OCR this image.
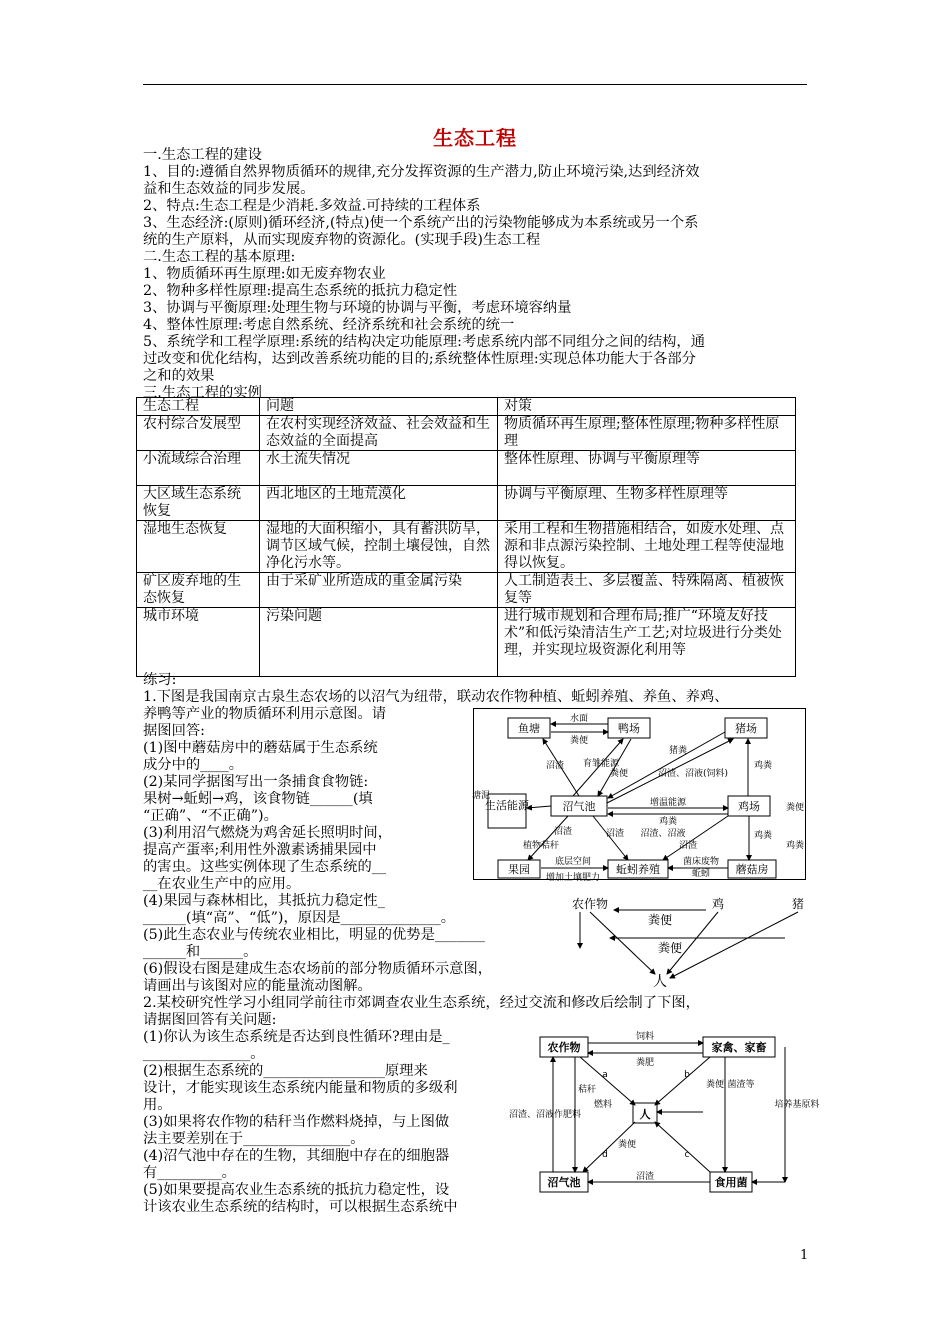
生态工程
一.生态工程的建设
1、目的:遵循自然界物质循环的规律,充分发挥资源的生产潜力,防止环境污染,达到经济效
益和生态效益的同步发展。
2、特点:生态工程是少消耗.多效益.可持续的工程体系
3、生态经济:(原则)循环经济,(特点)使一个系统产出的污染物能够成为本系统或另一个系
统的生产原料，从而实现废弃物的资源化。(实现手段)生态工程
二.生态工程的基本原理:
1、物质循环再生原理:如无废弃物农业
2、物种多样性原理:提高生态系统的抵抗力稳定性
3、协调与平衡原理:处理生物与环境的协调与平衡，考虑环境容纳量
4、整体性原理:考虑自然系统、经济系统和社会系统的统一
5、系统学和工程学原理:系统的结构决定功能原理:考虑系统内部不同组分之间的结构，通
过改变和优化结构，达到改善系统功能的目的;系统整体性原理:实现总体功能大于各部分
之和的效果
三.生态工程的实例
生态工程	问题	对策
农村综合发展型	在农村实现经济效益、社会效益和生态效益的全面提高	物质循环再生原理;整体性原理;物种多样性原理
小流域综合治理	水土流失情况	整体性原理、协调与平衡原理等
大区域生态系统恢复	西北地区的土地荒漠化	协调与平衡原理、生物多样性原理等
湿地生态恢复	湿地的大面积缩小，具有蓄洪防旱，调节区域气候，控制土壤侵蚀，自然净化污水等。	采用工程和生物措施相结合，如废水处理、点源和非点源污染控制、土地处理工程等使湿地得以恢复。
矿区废弃地的生态恢复	由于采矿业所造成的重金属污染	人工制造表土、多层覆盖、特殊隔离、植被恢复等
城市环境	污染问题	进行城市规划和合理布局;推广“环境友好技术”和低污染清洁生产工艺;对垃圾进行分类处理，并实现垃圾资源化利用等
练习:
1.下图是我国南京古泉生态农场的以沼气为纽带，联动农作物种植、蚯蚓养殖、养鱼、养鸡、
养鸭等产业的物质循环利用示意图。请
据图回答:
(1)图中蘑菇房中的蘑菇属于生态系统
成分中的____。
(2)某同学据图写出一条捕食食物链:
果树→蚯蚓→鸡，该食物链______(填
“正确”、“不正确”)。
(3)利用沼气燃烧为鸡舍延长照明时间，
提高产蛋率;利用性外激素诱捕果园中
的害虫。这些实例体现了生态系统的__
__在农业生产中的应用。
(4)果园与森林相比，其抵抗力稳定性_
______(填“高”、“低”)，原因是______________。
(5)此生态农业与传统农业相比，明显的优势是_______
______和______。
(6)假设右图是建成生态农场前的部分物质循环示意图，
请画出与该图对应的能量流动图解。
2.某校研究性学习小组同学前往市郊调查农业生态系统，经过交流和修改后绘制了下图，
请据图回答有关问题:
(1)你认为该生态系统是否达到良性循环?理由是_
_______________。
(2)根据生态系统的_________________原理来
设计，才能实现该生态系统内能量和物质的多级利
用。
(3)如果将农作物的秸秆当作燃料烧掉，与上图做
法主要差别在于_______________。
(4)沼气池中存在的生物，其细胞中存在的细胞器
有_________。
(5)如果要提高农业生态系统的抵抗力稳定性，设
计该农业生态系统的结构时，可以根据生态系统中
鱼塘	鸭场	猪场
生活能源	沼气池	鸡场
果园	蚯蚓养殖	蘑菇房
水面
粪便
沼渣 育雏能源
粪便
猪粪
沼渣、沼液(饲料)
鸡粪
塘泥
增温能源
鸡粪
粪便
沼渣、沼液	鸡粪
沼渣
沼渣
植物秸秆	沼渣
底层空间
增加土壤肥力
菌床废物
蚯蚓
鸡粪
农作物	鸡	猪
人
粪便
粪便
农作物	家禽、家畜
人
沼气池	食用菌
饲料
粪肥
a	b
c
d
秸秆
燃料
粪便 菌渣等
沼渣、沼液作肥料
粪便
沼渣
培养基原料
1
